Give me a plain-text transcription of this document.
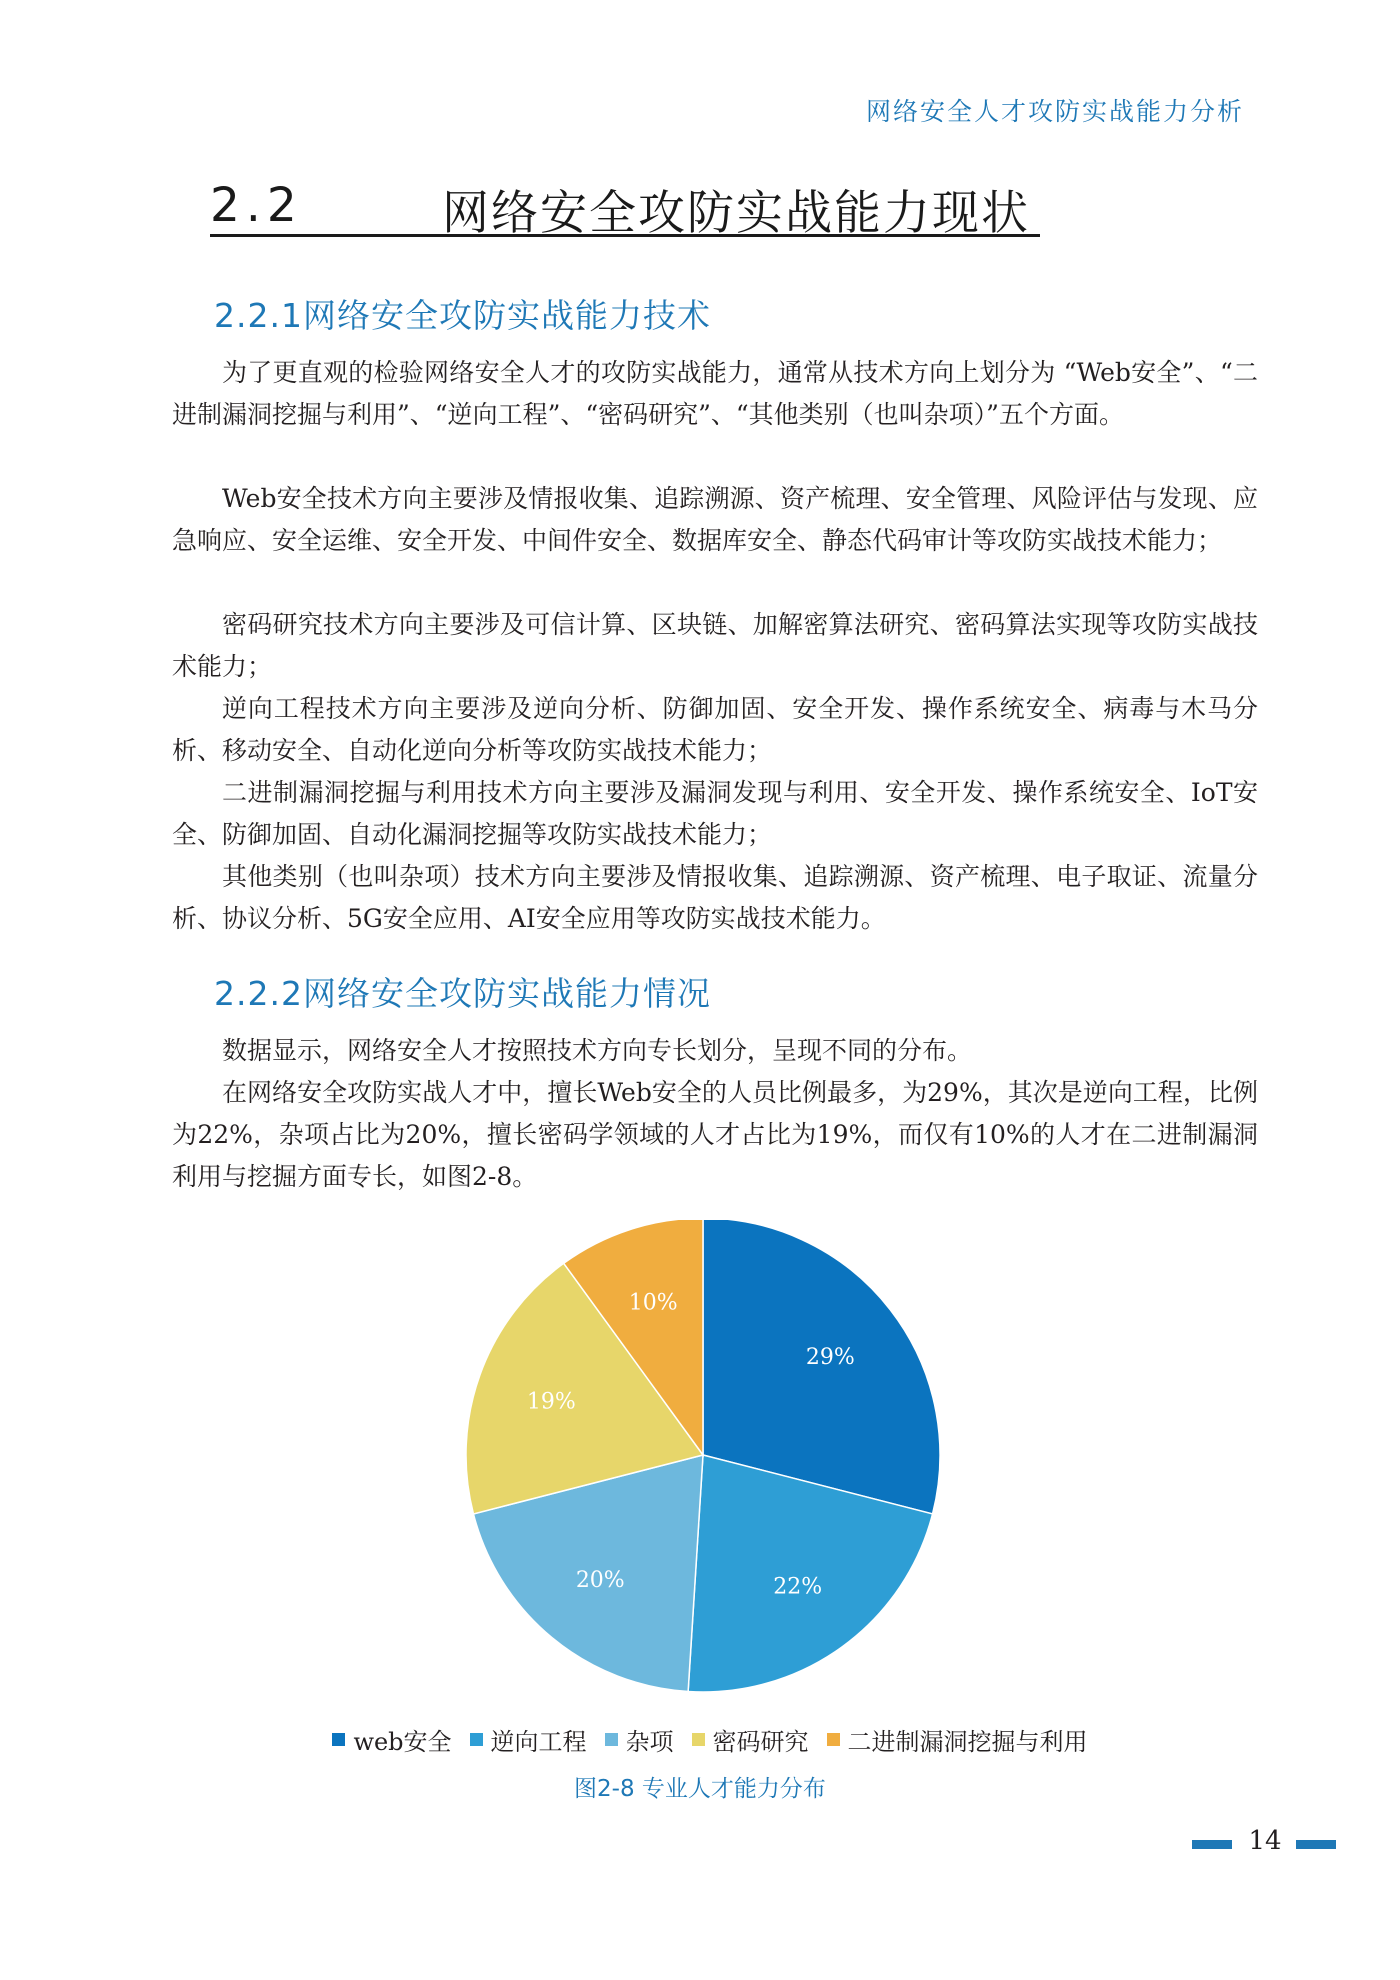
网络安全人才攻防实战能力分析
2.2	网络安全攻防实战能力现状
2.2.1网络安全攻防实战能力技术

为了更直观的检验网络安全人才的攻防实战能力，通常从技术方向上划分为 “Web安全”、“二进制漏洞挖掘与利用”、“逆向工程”、“密码研究”、“其他类别（也叫杂项）”五个方面。

Web安全技术方向主要涉及情报收集、追踪溯源、资产梳理、安全管理、风险评估与发现、应急响应、安全运维、安全开发、中间件安全、数据库安全、静态代码审计等攻防实战技术能力；

密码研究技术方向主要涉及可信计算、区块链、加解密算法研究、密码算法实现等攻防实战技术能力；

逆向工程技术方向主要涉及逆向分析、防御加固、安全开发、操作系统安全、病毒与木马分析、移动安全、自动化逆向分析等攻防实战技术能力；

二进制漏洞挖掘与利用技术方向主要涉及漏洞发现与利用、安全开发、操作系统安全、IoT安全、防御加固、自动化漏洞挖掘等攻防实战技术能力；

其他类别（也叫杂项）技术方向主要涉及情报收集、追踪溯源、资产梳理、电子取证、流量分析、协议分析、5G安全应用、AI安全应用等攻防实战技术能力。

2.2.2网络安全攻防实战能力情况

数据显示，网络安全人才按照技术方向专长划分，呈现不同的分布。

在网络安全攻防实战人才中，擅长Web安全的人员比例最多，为29%，其次是逆向工程，比例为22%，杂项占比为20%，擅长密码学领域的人才占比为19%，而仅有10%的人才在二进制漏洞利用与挖掘方面专长，如图2-8。

29%
22%
20%
19%
10%
web安全 逆向工程 杂项 密码研究 二进制漏洞挖掘与利用
图2-8 专业人才能力分布
14
